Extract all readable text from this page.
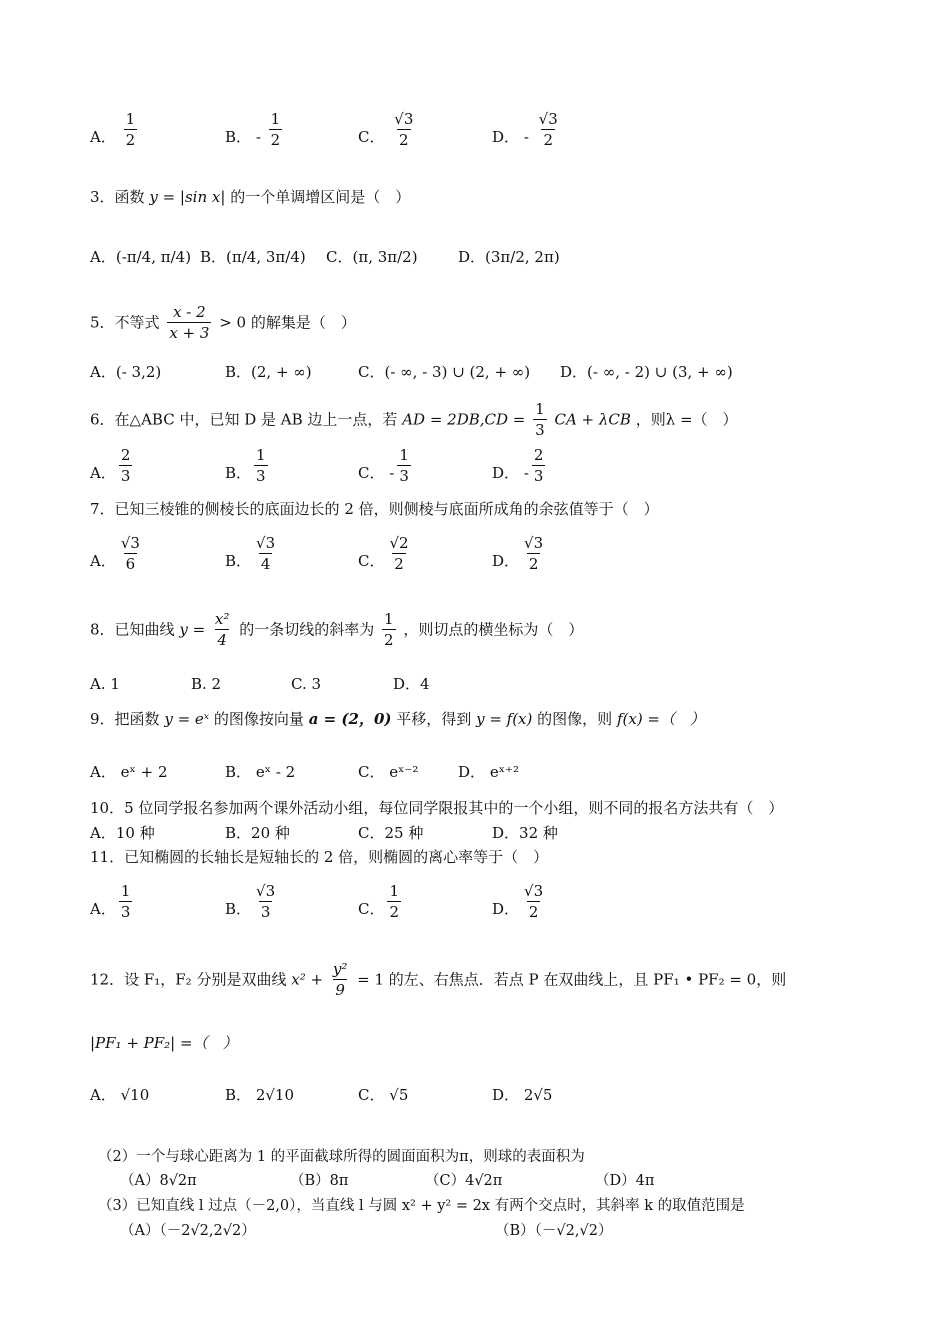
A． $\frac{1}{2}$	B． - $\frac{1}{2}$	C． $\frac{√3}{2}$	D． - $\frac{√3}{2}$
3．函数 y = |sin x| 的一个单调增区间是（　）
A．(-π/4, π/4) B．(π/4, 3π/4) C．(π, 3π/2)	D．(3π/2, 2π)
5．不等式 $\frac{x - 2}{x + 3} > 0$ 的解集是（　）
A．(- 3,2)	B．(2, + ∞)	C．(- ∞, - 3) ∪ (2, + ∞) D．(- ∞, - 2) ∪ (3, + ∞)
6．在△ABC 中，已知 D 是 AB 边上一点，若 AD = $2DB,CD = \frac{1}{3}$ CA + λCB ，则λ =（　）
A． $\frac{2}{3}$	B． $\frac{1}{3}$	C． - $\frac{1}{3}$	D． - $\frac{2}{3}$
7．已知三棱锥的侧棱长的底面边长的 2 倍，则侧棱与底面所成角的余弦值等于（　）
A． $\frac{√3}{6}$	B． $\frac{√3}{4}$	C． $\frac{√2}{2}$	D． $\frac{√3}{2}$
8．已知曲线 $y = \frac{\text{x²}}{4}$ 的一条切线的斜率为 $\frac{1}{2}$ ，则切点的横坐标为（　）
A. 1	B. 2	C. 3	D．4
9．把函数 y = eˣ 的图像按向量 a = (2，0) 平移，得到 y = f(x) 的图像，则 f(x) =（　）
A． eˣ + 2	B． eˣ - 2	C． eˣ⁻²	D． eˣ⁺²
10．5 位同学报名参加两个课外活动小组，每位同学限报其中的一个小组，则不同的报名方法共有（　）
A．10 种	B．20 种	C．25 种	D．32 种
11．已知椭圆的长轴长是短轴长的 2 倍，则椭圆的离心率等于（　）
A． $\frac{1}{3}$	B． $\frac{√3}{3}$	C． $\frac{1}{2}$	D． $\frac{√3}{2}$
12．设 F₁，F₂ 分别是双曲线 $x^2 + \frac{\text{y²}}{9} = 1$ 的左、右焦点．若点 P 在双曲线上，且 PF₁ • PF₂ = 0，则
|PF₁ + PF₂| =（　）
A． √10	B． 2√10	C． √5	D． 2√5
（2）一个与球心距离为 1 的平面截球所得的圆面面积为π，则球的表面积为
（A）8√2π	（B）8π	（C）4√2π	（D）4π
（3）已知直线 l 过点（－2,0），当直线 l 与圆 x² + y² = 2x 有两个交点时，其斜率 k 的取值范围是
（A）（－2√2,2√2）	（B）（－√2,√2）
